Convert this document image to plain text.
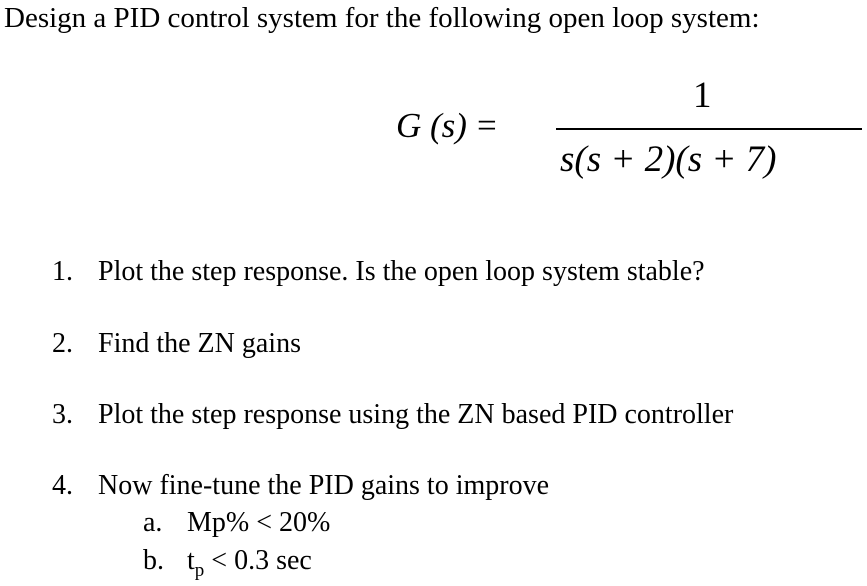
Design a PID control system for the following open loop system:
G (s) =
1
s(s + 2)(s + 7)
1. Plot the step response. Is the open loop system stable?
2. Find the ZN gains
3. Plot the step response using the ZN based PID controller
4. Now fine-tune the PID gains to improve
a. Mp% < 20%
b. $t_p < 0.3$ sec
